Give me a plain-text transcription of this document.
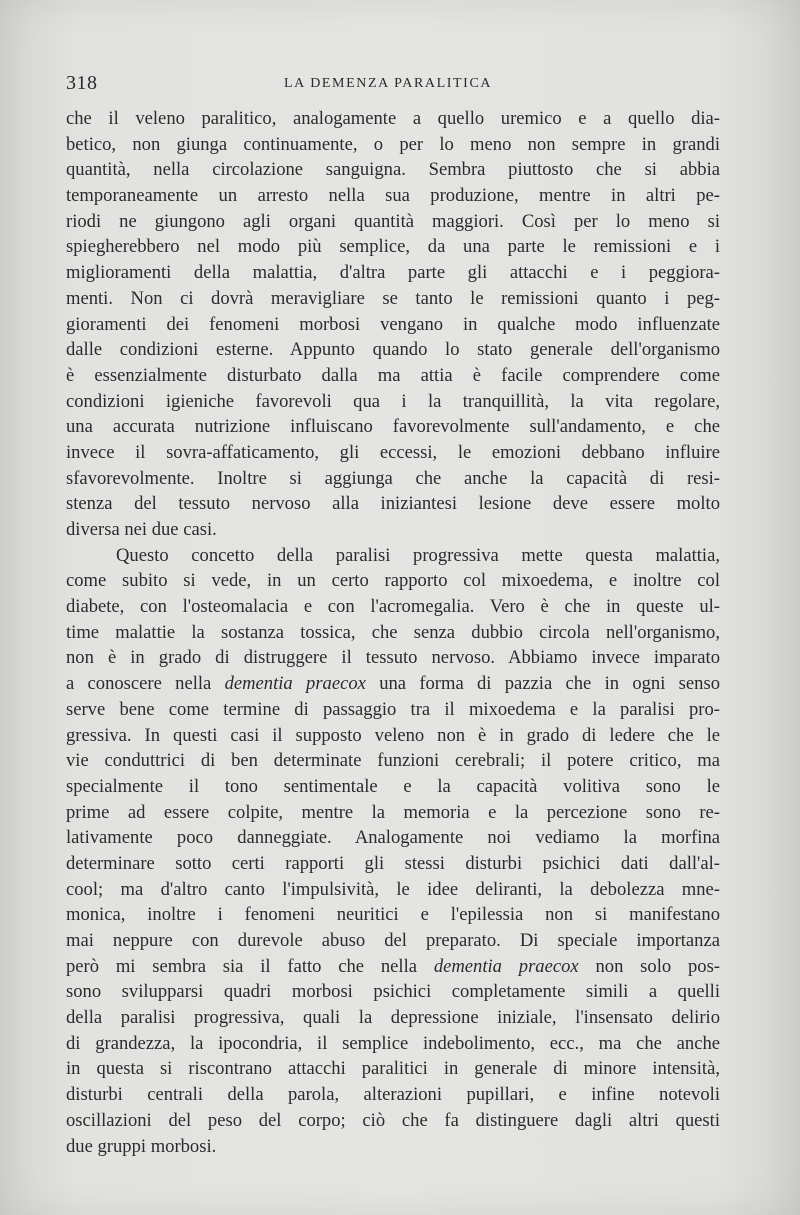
318	LA DEMENZA PARALITICA
che il veleno paralitico, analogamente a quello uremico e a quello dia-
betico, non giunga continuamente, o per lo meno non sempre in grandi
quantità, nella circolazione sanguigna. Sembra piuttosto che si abbia
temporaneamente un arresto nella sua produzione, mentre in altri pe-
riodi ne giungono agli organi quantità maggiori. Così per lo meno si
spiegherebbero nel modo più semplice, da una parte le remissioni e i
miglioramenti della malattia, d'altra parte gli attacchi e i peggiora-
menti. Non ci dovrà meravigliare se tanto le remissioni quanto i peg-
gioramenti dei fenomeni morbosi vengano in qualche modo influenzate
dalle condizioni esterne. Appunto quando lo stato generale dell'organismo
è essenzialmente disturbato dalla ma attia è facile comprendere come
condizioni igieniche favorevoli qua i la tranquillità, la vita regolare,
una accurata nutrizione influiscano favorevolmente sull'andamento, e che
invece il sovra-affaticamento, gli eccessi, le emozioni debbano influire
sfavorevolmente. Inoltre si aggiunga che anche la capacità di resi-
stenza del tessuto nervoso alla iniziantesi lesione deve essere molto
diversa nei due casi.
Questo concetto della paralisi progressiva mette questa malattia,
come subito si vede, in un certo rapporto col mixoedema, e inoltre col
diabete, con l'osteomalacia e con l'acromegalia. Vero è che in queste ul-
time malattie la sostanza tossica, che senza dubbio circola nell'organismo,
non è in grado di distruggere il tessuto nervoso. Abbiamo invece imparato
a conoscere nella dementia praecox una forma di pazzia che in ogni senso
serve bene come termine di passaggio tra il mixoedema e la paralisi pro-
gressiva. In questi casi il supposto veleno non è in grado di ledere che le
vie conduttrici di ben determinate funzioni cerebrali; il potere critico, ma
specialmente il tono sentimentale e la capacità volitiva sono le
prime ad essere colpite, mentre la memoria e la percezione sono re-
lativamente poco danneggiate. Analogamente noi vediamo la morfina
determinare sotto certi rapporti gli stessi disturbi psichici dati dall'al-
cool; ma d'altro canto l'impulsività, le idee deliranti, la debolezza mne-
monica, inoltre i fenomeni neuritici e l'epilessia non si manifestano
mai neppure con durevole abuso del preparato. Di speciale importanza
però mi sembra sia il fatto che nella dementia praecox non solo pos-
sono svilupparsi quadri morbosi psichici completamente simili a quelli
della paralisi progressiva, quali la depressione iniziale, l'insensato delirio
di grandezza, la ipocondria, il semplice indebolimento, ecc., ma che anche
in questa si riscontrano attacchi paralitici in generale di minore intensità,
disturbi centrali della parola, alterazioni pupillari, e infine notevoli
oscillazioni del peso del corpo; ciò che fa distinguere dagli altri questi
due gruppi morbosi.
